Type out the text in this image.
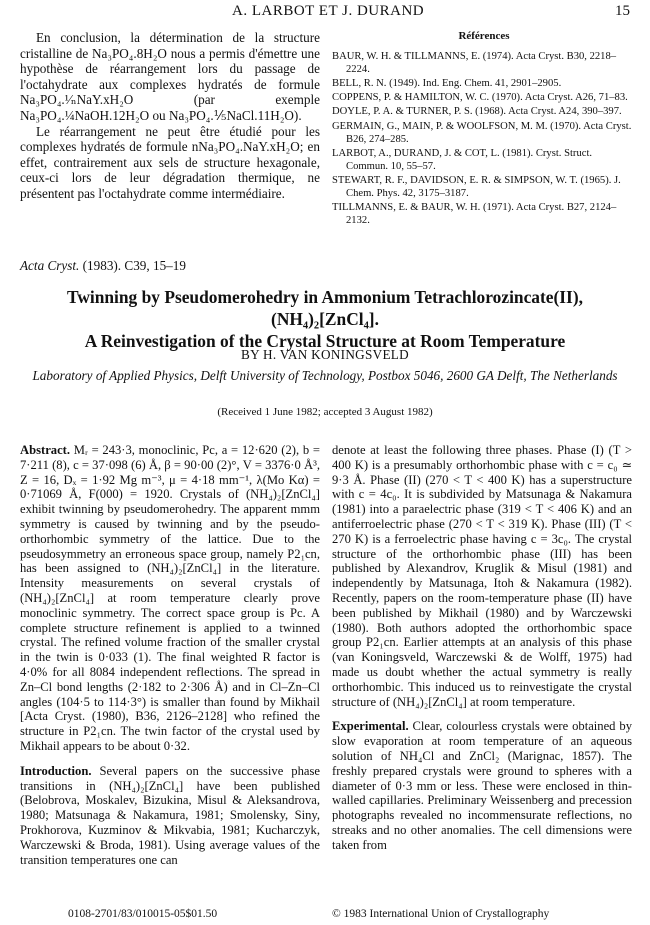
A. LARBOT ET J. DURAND	15

En conclusion, la détermination de la structure cristalline de Na₃PO₄.8H₂O nous a permis d'émettre une hypothèse de réarrangement lors du passage de l'octahydrate aux complexes hydratés de formule Na₃PO₄.¹⁄ₙNaY.xH₂O (par exemple Na₃PO₄.¼NaOH.12H₂O ou Na₃PO₄.⅕NaCl.11H₂O).

Le réarrangement ne peut être étudié pour les complexes hydratés de formule nNa₃PO₄.NaY.xH₂O; en effet, contrairement aux sels de structure hexagonale, ceux-ci lors de leur dégradation thermique, ne présentent pas l'octahydrate comme intermédiaire.

Références
BAUR, W. H. & TILLMANNS, E. (1974). Acta Cryst. B30, 2218–2224.
BELL, R. N. (1949). Ind. Eng. Chem. 41, 2901–2905.
COPPENS, P. & HAMILTON, W. C. (1970). Acta Cryst. A26, 71–83.
DOYLE, P. A. & TURNER, P. S. (1968). Acta Cryst. A24, 390–397.
GERMAIN, G., MAIN, P. & WOOLFSON, M. M. (1970). Acta Cryst. B26, 274–285.
LARBOT, A., DURAND, J. & COT, L. (1981). Cryst. Struct. Commun. 10, 55–57.
STEWART, R. F., DAVIDSON, E. R. & SIMPSON, W. T. (1965). J. Chem. Phys. 42, 3175–3187.
TILLMANNS, E. & BAUR, W. H. (1971). Acta Cryst. B27, 2124–2132.
Acta Cryst. (1983). C39, 15–19
Twinning by Pseudomerohedry in Ammonium Tetrachlorozincate(II), (NH₄)₂[ZnCl₄].
A Reinvestigation of the Crystal Structure at Room Temperature
BY H. VAN KONINGSVELD
Laboratory of Applied Physics, Delft University of Technology, Postbox 5046, 2600 GA Delft, The Netherlands
(Received 1 June 1982; accepted 3 August 1982)

Abstract. Mᵣ = 243·3, monoclinic, Pc, a = 12·620 (2), b = 7·211 (8), c = 37·098 (6) Å, β = 90·00 (2)°, V = 3376·0 Å³, Z = 16, Dₓ = 1·92 Mg m⁻³, μ = 4·18 mm⁻¹, λ(Mo Kα) = 0·71069 Å, F(000) = 1920. Crystals of (NH₄)₂[ZnCl₄] exhibit twinning by pseudomerohedry. The apparent mmm symmetry is caused by twinning and by the pseudo-orthorhombic symmetry of the lattice. Due to the pseudosymmetry an erroneous space group, namely P2₁cn, has been assigned to (NH₄)₂[ZnCl₄] in the literature. Intensity measurements on several crystals of (NH₄)₂[ZnCl₄] at room temperature clearly prove monoclinic symmetry. The correct space group is Pc. A complete structure refinement is applied to a twinned crystal. The refined volume fraction of the smaller crystal in the twin is 0·033 (1). The final weighted R factor is 4·0% for all 8084 independent reflections. The spread in Zn–Cl bond lengths (2·182 to 2·306 Å) and in Cl–Zn–Cl angles (104·5 to 114·3°) is smaller than found by Mikhail [Acta Cryst. (1980), B36, 2126–2128] who refined the structure in P2₁cn. The twin factor of the crystal used by Mikhail appears to be about 0·32.

Introduction. Several papers on the successive phase transitions in (NH₄)₂[ZnCl₄] have been published (Belobrova, Moskalev, Bizukina, Misul & Aleksandrova, 1980; Matsunaga & Nakamura, 1981; Smolensky, Siny, Prokhorova, Kuzminov & Mikvabia, 1981; Kucharczyk, Warczewski & Broda, 1981). Using average values of the transition temperatures one can

denote at least the following three phases. Phase (I) (T > 400 K) is a presumably orthorhombic phase with c = c₀ ≃ 9·3 Å. Phase (II) (270 < T < 400 K) has a superstructure with c = 4c₀. It is subdivided by Matsunaga & Nakamura (1981) into a paraelectric phase (319 < T < 406 K) and an antiferroelectric phase (270 < T < 319 K). Phase (III) (T < 270 K) is a ferroelectric phase having c = 3c₀. The crystal structure of the orthorhombic phase (III) has been published by Alexandrov, Kruglik & Misul (1981) and independently by Matsunaga, Itoh & Nakamura (1982). Recently, papers on the room-temperature phase (II) have been published by Mikhail (1980) and by Warczewski (1980). Both authors adopted the orthorhombic space group P2₁cn. Earlier attempts at an analysis of this phase (van Koningsveld, Warczewski & de Wolff, 1975) had made us doubt whether the actual symmetry is really orthorhombic. This induced us to reinvestigate the crystal structure of (NH₄)₂[ZnCl₄] at room temperature.

Experimental. Clear, colourless crystals were obtained by slow evaporation at room temperature of an aqueous solution of NH₄Cl and ZnCl₂ (Marignac, 1857). The freshly prepared crystals were ground to spheres with a diameter of 0·3 mm or less. These were enclosed in thin-walled capillaries. Preliminary Weissenberg and precession photographs revealed no incommensurate reflections, no streaks and no other anomalies. The cell dimensions were taken from

0108-2701/83/010015-05$01.50	© 1983 International Union of Crystallography
